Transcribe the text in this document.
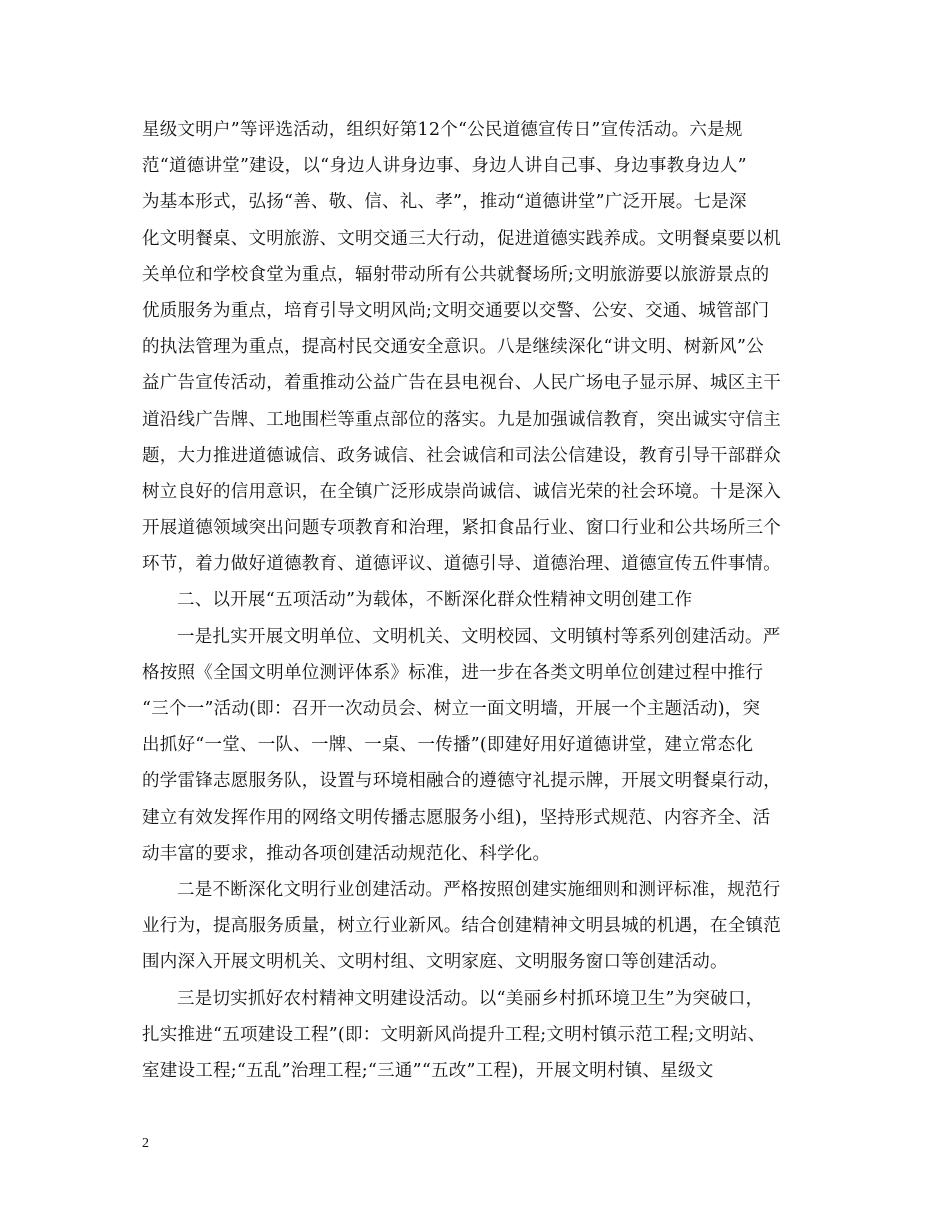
星级文明户”等评选活动，组织好第12个“公民道德宣传日”宣传活动。六是规
范“道德讲堂”建设，以“身边人讲身边事、身边人讲自己事、身边事教身边人”
为基本形式，弘扬“善、敬、信、礼、孝”，推动“道德讲堂”广泛开展。七是深
化文明餐桌、文明旅游、文明交通三大行动，促进道德实践养成。文明餐桌要以机
关单位和学校食堂为重点，辐射带动所有公共就餐场所;文明旅游要以旅游景点的
优质服务为重点，培育引导文明风尚;文明交通要以交警、公安、交通、城管部门
的执法管理为重点，提高村民交通安全意识。八是继续深化“讲文明、树新风”公
益广告宣传活动，着重推动公益广告在县电视台、人民广场电子显示屏、城区主干
道沿线广告牌、工地围栏等重点部位的落实。九是加强诚信教育，突出诚实守信主
题，大力推进道德诚信、政务诚信、社会诚信和司法公信建设，教育引导干部群众
树立良好的信用意识，在全镇广泛形成崇尚诚信、诚信光荣的社会环境。十是深入
开展道德领域突出问题专项教育和治理，紧扣食品行业、窗口行业和公共场所三个
环节，着力做好道德教育、道德评议、道德引导、道德治理、道德宣传五件事情。
二、以开展“五项活动”为载体，不断深化群众性精神文明创建工作
一是扎实开展文明单位、文明机关、文明校园、文明镇村等系列创建活动。严
格按照《全国文明单位测评体系》标准，进一步在各类文明单位创建过程中推行
“三个一”活动(即：召开一次动员会、树立一面文明墙，开展一个主题活动)，突
出抓好“一堂、一队、一牌、一桌、一传播”(即建好用好道德讲堂，建立常态化
的学雷锋志愿服务队，设置与环境相融合的遵德守礼提示牌，开展文明餐桌行动，
建立有效发挥作用的网络文明传播志愿服务小组)，坚持形式规范、内容齐全、活
动丰富的要求，推动各项创建活动规范化、科学化。
二是不断深化文明行业创建活动。严格按照创建实施细则和测评标准，规范行
业行为，提高服务质量，树立行业新风。结合创建精神文明县城的机遇，在全镇范
围内深入开展文明机关、文明村组、文明家庭、文明服务窗口等创建活动。
三是切实抓好农村精神文明建设活动。以“美丽乡村抓环境卫生”为突破口，
扎实推进“五项建设工程”(即：文明新风尚提升工程;文明村镇示范工程;文明站、
室建设工程;“五乱”治理工程;“三通”“五改”工程)，开展文明村镇、星级文
2
